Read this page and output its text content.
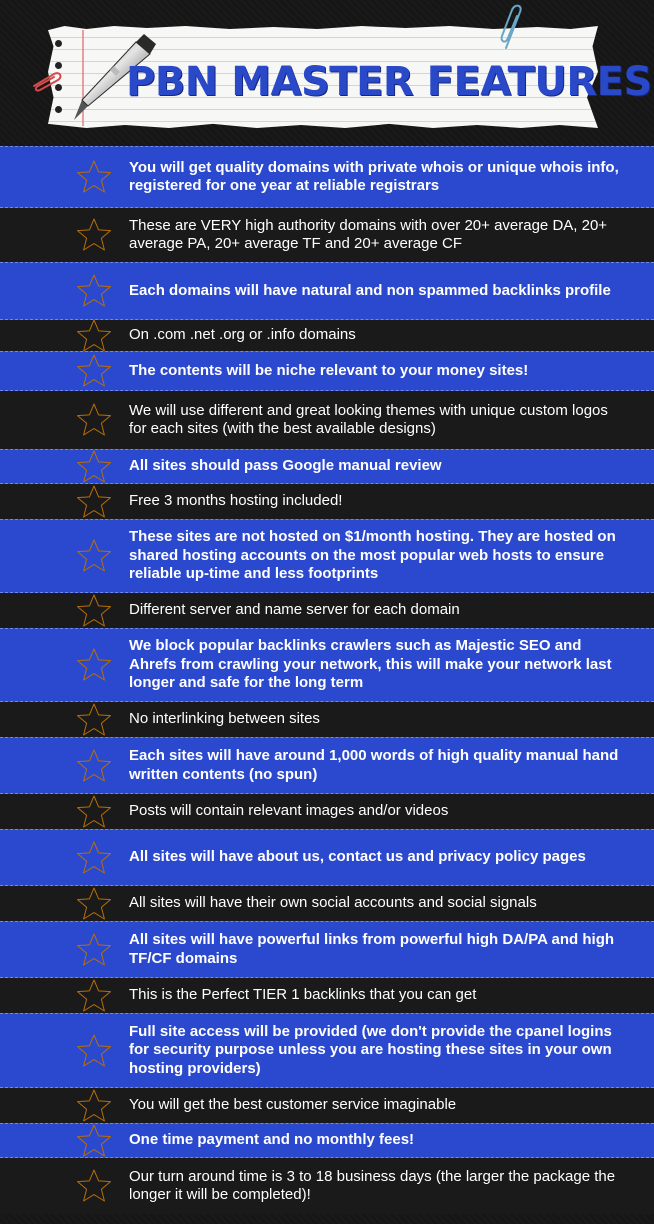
PBN MASTER FEATURES
You will get quality domains with private whois or unique whois info, registered for one year at reliable registrars
These are VERY high authority domains with over 20+ average DA, 20+ average PA, 20+ average TF and 20+ average CF
Each domains will have natural and non spammed backlinks profile
On .com .net .org or .info domains
The contents will be niche relevant to your money sites!
We will use different and great looking themes with unique custom logos for each sites (with the best available designs)
All sites should pass Google manual review
Free 3 months hosting included!
These sites are not hosted on $1/month hosting. They are hosted on shared hosting accounts on the most popular web hosts to ensure reliable up-time and less footprints
Different server and name server for each domain
We block popular backlinks crawlers such as Majestic SEO and Ahrefs from crawling your network, this will make your network last longer and safe for the long term
No interlinking between sites
Each sites will have around 1,000 words of high quality manual hand written contents (no spun)
Posts will contain relevant images and/or videos
All sites will have about us, contact us and privacy policy pages
All sites will have their own social accounts and social signals
All sites will have powerful links from powerful high DA/PA and high TF/CF domains
This is the Perfect TIER 1 backlinks that you can get
Full site access will be provided (we don't provide the cpanel logins for security purpose unless you are hosting these sites in your own hosting providers)
You will get the best customer service imaginable
One time payment and no monthly fees!
Our turn around time is 3 to 18 business days (the larger the package the longer it will be completed)!
